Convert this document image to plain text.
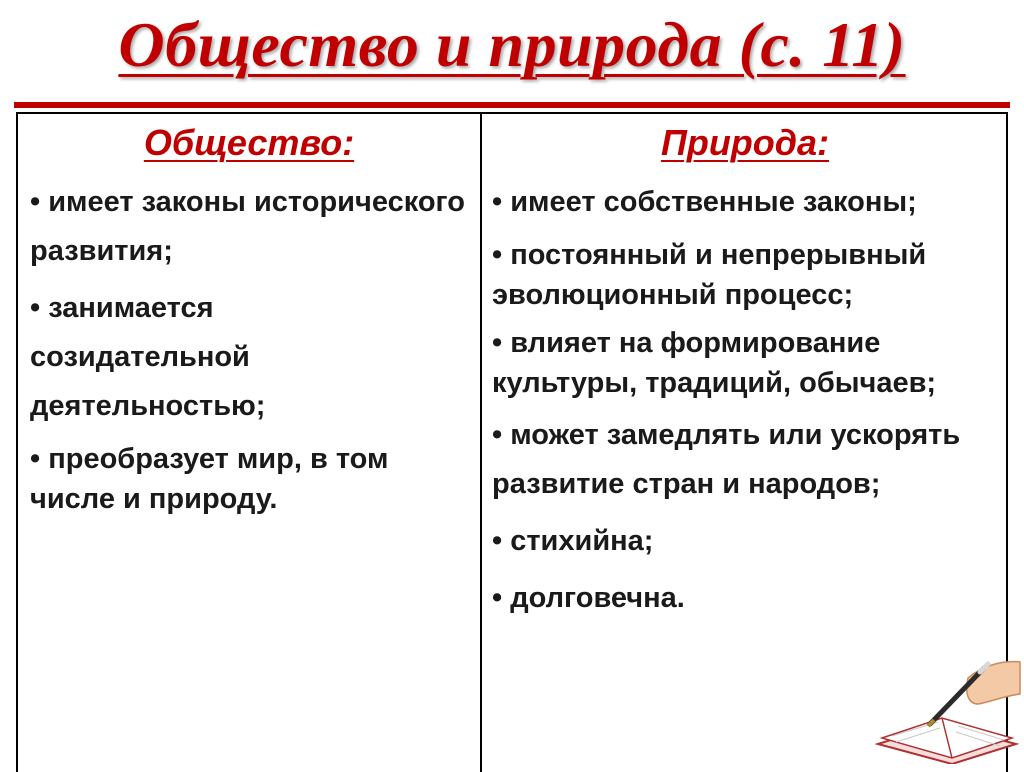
Общество и природа (с. 11)
Общество:
• имеет законы исторического развития;
• занимается созидательной деятельностью;
• преобразует мир, в том числе и природу.
Природа:
• имеет собственные законы;
• постоянный и непрерывный эволюционный процесс;
• влияет на формирование культуры, традиций, обычаев;
• может замедлять или ускорять развитие стран и народов;
• стихийна;
• долговечна.
